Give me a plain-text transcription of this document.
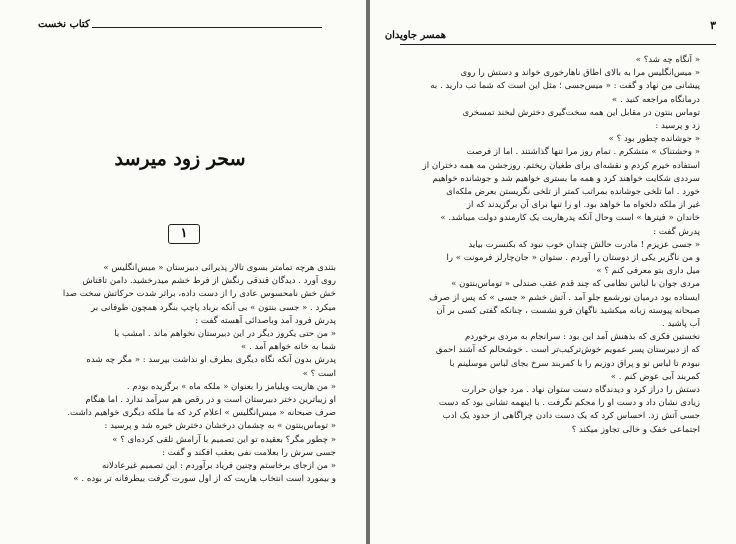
کتاب نخست
سحر زود میرسد
۱
بتندی هرچه تمامتر بسوی تالار پذیرائی دبیرستان « میس‌انگلیس »
روی آورد . دیدگان قندقی رنگش از فرط خشم میدرخشید. دامن تافتاش
خش خش نامحسوس عادی را از دست داده، براثر شدت حرکاتش سخت صدا
میکرد . « جسی بنتون » بی آنکه برباد پاچپ بنگرد همچون طوفانی بر
پدرش فرود آمد وباصدائی آهسته گفت :
« من حتی یکروز دیگر در این دبیرستان نخواهم ماند . امشب با
شما به خانه خواهم آمد . »
پدرش بدون آنکه نگاه دیگری بطرف او نداشت بپرسد : « مگر چه شده
است ؟ »
« من هاریت ویلیامز را بعنوان « ملکه ماه » برگزیده بودم .
او زیباترین دختر دبیرستان است و در رقص هم سرآمد ندارد . اما هنگام
صرف صبحانه « میس‌انگلیس » اعلام کرد که ما ملکه دیگری خواهیم داشت.
« توماس‌بنتون » به چشمان درخشان دخترش خیره شد و پرسید :
« چطور مگر؟ بعقیده تو این تصمیم با آرامش تلقی کرده‌ای ؟ »
جسی سرش را بعلامت نفی بعقب افکند و گفت :
« من ازجای برخاستم وچنین فریاد برآوردم : این تصمیم غیرعادلانه
و بیمورد است انتخاب هاریت که از اول سورت گرفت بیطرفانه تر بوده . »
۳
همسر جاویدان
« آنگاه چه شد؟ »
« میس‌انگلیس مرا به بالای اطاق ناهارخوری خواند و دستش را روی
پیشانی من نهاد و گفت : « میس‌جسی ؛ مثل این است که شما تب دارید . به
درمانگاه مراجعه کنید . »
توماس بنتون در مقابل این همه سخت‌گیری دخترش لبخند تمسخری
زد و پرسید :
« جوشانده چطور بود ؟ »
« وحشتناک » متشکرم . تمام روز مرا تنها گذاشتند . اما از فرصت
استفاده خیرم کردم و نقشه‌ای برای طغیان ریختم. روزجشن مه همه دختران از
سرددی شکایت خواهند کرد و همه ما بستری خواهیم شد و جوشانده خواهیم
خورد . اما تلخی جوشانده بمراتب کمتر از تلخی نگریستن بعرض ملکه‌ای
غیر از ملکه دلخواه ما خواهد بود. او را تنها برای آن برگزیدند که از
خاندان « فیترها » است وحال آنکه پدرهاریت یک کارمندو دولت میباشد. »
پدرش گفت :
« جسی عزیزم ! مادرت حالش چندان خوب نبود که بکنسرت بیاید
و من ناگزیر یکی از دوستان را آوردم . ستوان « جان‌چارلز فرمونت » را
میل داری بتو معرفی کنم ؟ »
مردی جوان با لباس نظامی که چند قدم عقب صندلی « توماس‌بنتون »
ایستاده بود درمیان نورشمع جلو آمد . آتش خشم « جسی » که پس از صرف
صبحانه پیوسته زبانه میکشید ناگهان فرو نشست ، چنانکه گفتی کسی بر آن
آب پاشید .
نخستین فکری که بذهنش آمد این بود : سرانجام به مردی برخوردم
که از دبیرستان پسر عمویم خوش‌ترکیب‌تر است . خوشحالم که آشند احمق
نبودم تا لباس نو و پراق دوزیم را با کمربند سرخ بجای لباس موسلینم با
کمربند آبی عوض کنم . »
دستش را دراز کرد و دیدندگاه دست ستوان نهاد . مرد جوان حرارت
زیادی نشان داد و دست او را محکم نگرفت . با اینهمه تشانی بود که دست
جسی آتش زد. احساس کرد که یک دست دادن چراگاهی از حدود یک ادب
اجتماعی خفک و خالی تجاوز میکند ؟
